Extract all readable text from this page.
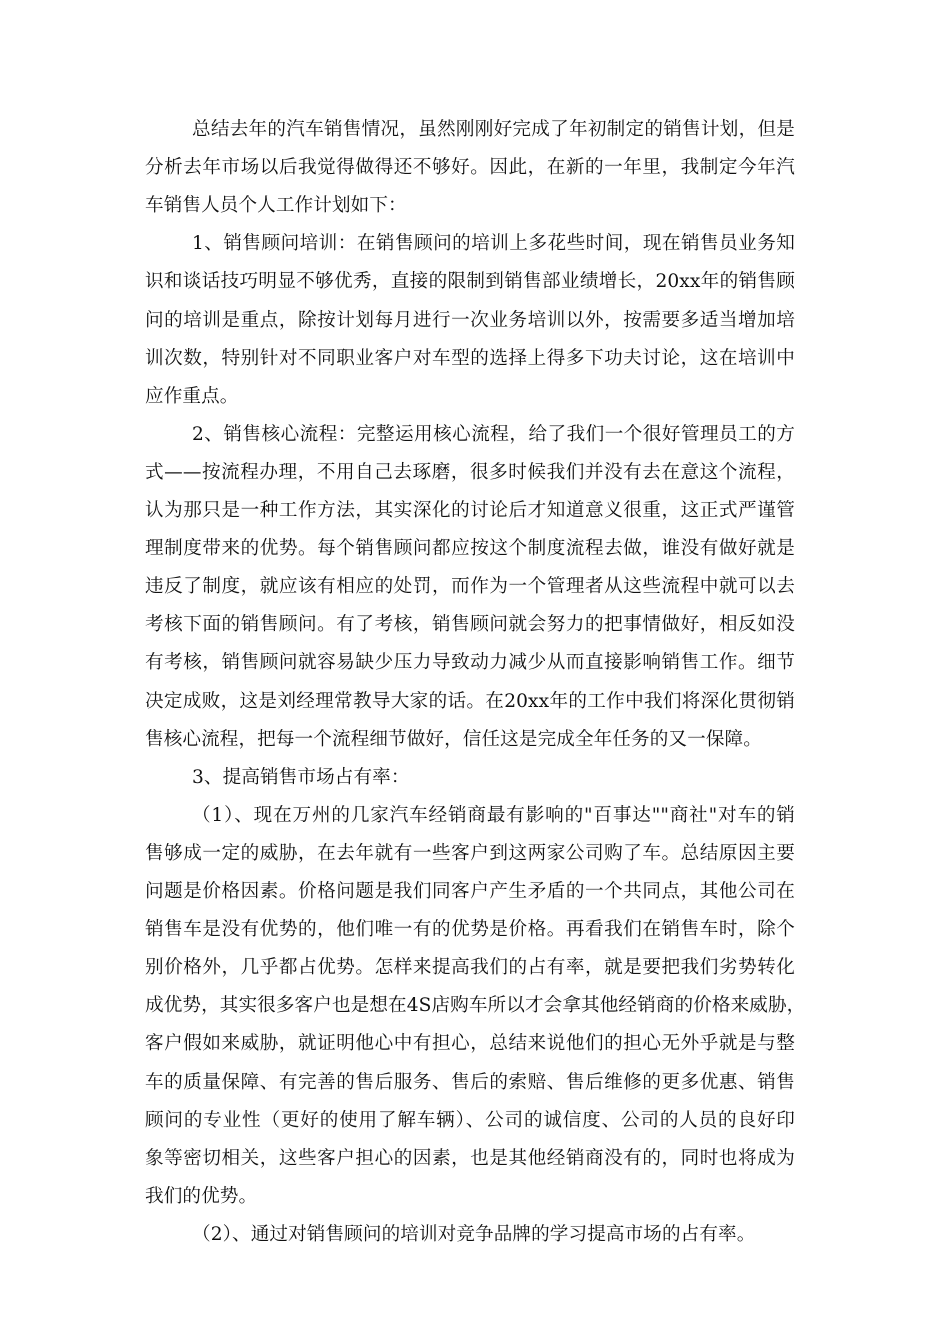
总结去年的汽车销售情况，虽然刚刚好完成了年初制定的销售计划，但是
分析去年市场以后我觉得做得还不够好。因此，在新的一年里，我制定今年汽
车销售人员个人工作计划如下：
1、销售顾问培训：在销售顾问的培训上多花些时间，现在销售员业务知
识和谈话技巧明显不够优秀，直接的限制到销售部业绩增长，20xx年的销售顾
问的培训是重点，除按计划每月进行一次业务培训以外，按需要多适当增加培
训次数，特别针对不同职业客户对车型的选择上得多下功夫讨论，这在培训中
应作重点。
2、销售核心流程：完整运用核心流程，给了我们一个很好管理员工的方
式——按流程办理，不用自己去琢磨，很多时候我们并没有去在意这个流程，
认为那只是一种工作方法，其实深化的讨论后才知道意义很重，这正式严谨管
理制度带来的优势。每个销售顾问都应按这个制度流程去做，谁没有做好就是
违反了制度，就应该有相应的处罚，而作为一个管理者从这些流程中就可以去
考核下面的销售顾问。有了考核，销售顾问就会努力的把事情做好，相反如没
有考核，销售顾问就容易缺少压力导致动力减少从而直接影响销售工作。细节
决定成败，这是刘经理常教导大家的话。在20xx年的工作中我们将深化贯彻销
售核心流程，把每一个流程细节做好，信任这是完成全年任务的又一保障。
3、提高销售市场占有率：
（1）、现在万州的几家汽车经销商最有影响的"百事达""商社"对车的销
售够成一定的威胁，在去年就有一些客户到这两家公司购了车。总结原因主要
问题是价格因素。价格问题是我们同客户产生矛盾的一个共同点，其他公司在
销售车是没有优势的，他们唯一有的优势是价格。再看我们在销售车时，除个
别价格外，几乎都占优势。怎样来提高我们的占有率，就是要把我们劣势转化
成优势，其实很多客户也是想在4S店购车所以才会拿其他经销商的价格来威胁，
客户假如来威胁，就证明他心中有担心，总结来说他们的担心无外乎就是与整
车的质量保障、有完善的售后服务、售后的索赔、售后维修的更多优惠、销售
顾问的专业性（更好的使用了解车辆）、公司的诚信度、公司的人员的良好印
象等密切相关，这些客户担心的因素，也是其他经销商没有的，同时也将成为
我们的优势。
（2）、通过对销售顾问的培训对竞争品牌的学习提高市场的占有率。
